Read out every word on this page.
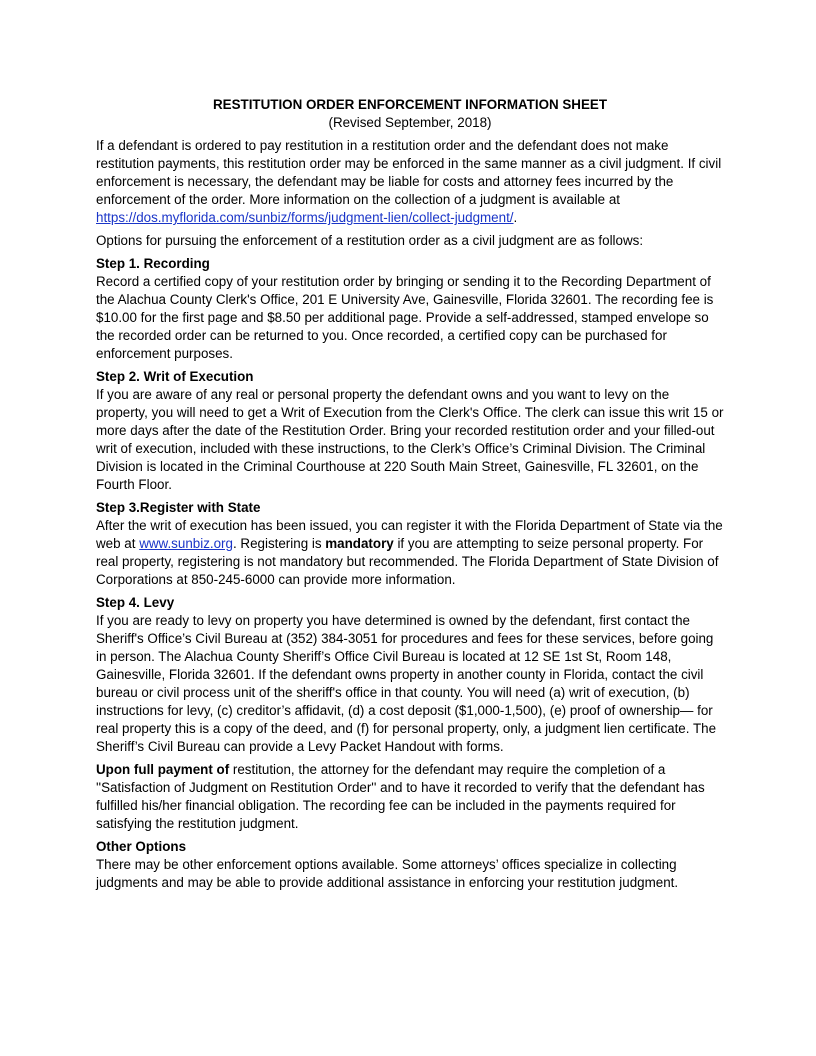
RESTITUTION ORDER ENFORCEMENT INFORMATION SHEET

(Revised September, 2018)

If a defendant is ordered to pay restitution in a restitution order and the defendant does not make restitution payments, this restitution order may be enforced in the same manner as a civil judgment. If civil enforcement is necessary, the defendant may be liable for costs and attorney fees incurred by the enforcement of the order. More information on the collection of a judgment is available at https://dos.myflorida.com/sunbiz/forms/judgment-lien/collect-judgment/.

Options for pursuing the enforcement of a restitution order as a civil judgment are as follows:

Step 1. Recording
Record a certified copy of your restitution order by bringing or sending it to the Recording Department of the Alachua County Clerk's Office, 201 E University Ave, Gainesville, Florida 32601. The recording fee is $10.00 for the first page and $8.50 per additional page. Provide a self-addressed, stamped envelope so the recorded order can be returned to you. Once recorded, a certified copy can be purchased for enforcement purposes.
Step 2. Writ of Execution
If you are aware of any real or personal property the defendant owns and you want to levy on the property, you will need to get a Writ of Execution from the Clerk's Office. The clerk can issue this writ 15 or more days after the date of the Restitution Order. Bring your recorded restitution order and your filled-out writ of execution, included with these instructions, to the Clerk’s Office’s Criminal Division. The Criminal Division is located in the Criminal Courthouse at 220 South Main Street, Gainesville, FL 32601, on the Fourth Floor.
Step 3.Register with State
After the writ of execution has been issued, you can register it with the Florida Department of State via the web at www.sunbiz.org. Registering is mandatory if you are attempting to seize personal property. For real property, registering is not mandatory but recommended. The Florida Department of State Division of Corporations at 850-245-6000 can provide more information.
Step 4. Levy
If you are ready to levy on property you have determined is owned by the defendant, first contact the Sheriff's Office’s Civil Bureau at (352) 384-3051 for procedures and fees for these services, before going in person. The Alachua County Sheriff’s Office Civil Bureau is located at 12 SE 1st St, Room 148, Gainesville, Florida 32601. If the defendant owns property in another county in Florida, contact the civil bureau or civil process unit of the sheriff's office in that county. You will need (a) writ of execution, (b) instructions for levy, (c) creditor’s affidavit, (d) a cost deposit ($1,000-1,500), (e) proof of ownership— for real property this is a copy of the deed, and (f) for personal property, only, a judgment lien certificate. The Sheriff’s Civil Bureau can provide a Levy Packet Handout with forms.

Upon full payment of restitution, the attorney for the defendant may require the completion of a ''Satisfaction of Judgment on Restitution Order'' and to have it recorded to verify that the defendant has fulfilled his/her financial obligation. The recording fee can be included in the payments required for satisfying the restitution judgment.

Other Options
There may be other enforcement options available. Some attorneys’ offices specialize in collecting judgments and may be able to provide additional assistance in enforcing your restitution judgment.
